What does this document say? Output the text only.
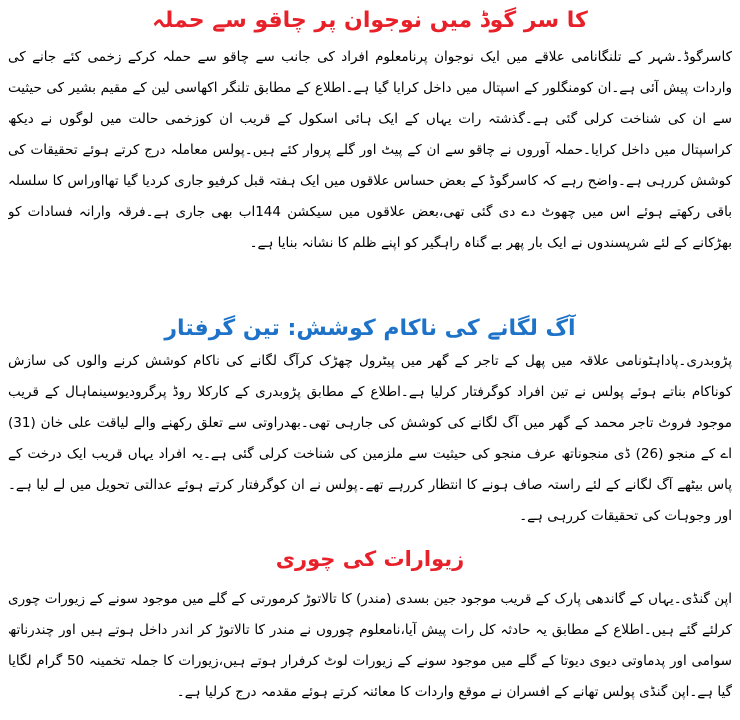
کا سر گوڈ میں نوجوان پر چاقو سے حملہ

کاسرگوڈ۔شہر کے تلنگانامی علاقے میں ایک نوجوان پرنامعلوم افراد کی جانب سے چاقو سے حملہ کرکے زخمی کئے جانے کی واردات پیش آئی ہے۔ان کومنگلور کے اسپتال میں داخل کرایا گیا ہے۔اطلاع کے مطابق تلنگر اکھاسی لین کے مقیم بشیر کی حیثیت سے ان کی شناخت کرلی گئی ہے۔گذشتہ رات یہاں کے ایک ہائی اسکول کے قریب ان کوزخمی حالت میں لوگوں نے دیکھ کراسپتال میں داخل کرایا۔حملہ آوروں نے چاقو سے ان کے پیٹ اور گلے پروار کئے ہیں۔پولس معاملہ درج کرتے ہوئے تحقیقات کی کوشش کررہی ہے۔واضح رہے کہ کاسرگوڈ کے بعض حساس علاقوں میں ایک ہفتہ قبل کرفیو جاری کردیا گیا تھااوراس کا سلسلہ باقی رکھتے ہوئے اس میں چھوٹ دے دی گئی تھی،بعض علاقوں میں سیکشن 144اب بھی جاری ہے۔فرقہ وارانہ فسادات کو بھڑکانے کے لئے شرپسندوں نے ایک بار پھر بے گناہ راہگیر کو اپنے ظلم کا نشانہ بنایا ہے۔

آگ لگانے کی ناکام کوشش: تین گرفتار

پڑوبدری۔پاداہٹونامی علاقہ میں پھل کے تاجر کے گھر میں پیٹرول چھڑک کرآگ لگانے کی ناکام کوشش کرنے والوں کی سازش کوناکام بناتے ہوئے پولس نے تین افراد کوگرفتار کرلیا ہے۔اطلاع کے مطابق پڑوبدری کے کارکلا روڈ پرگرودیوسینماہال کے قریب موجود فروٹ تاجر محمد کے گھر میں آگ لگانے کی کوشش کی جارہی تھی۔بھدراوتی سے تعلق رکھنے والے لیاقت علی خان (31) اے کے منجو (26) ڈی منجوناتھ عرف منجو کی حیثیت سے ملزمین کی شناخت کرلی گئی ہے۔یہ افراد یہاں قریب ایک درخت کے پاس بیٹھے آگ لگانے کے لئے راستہ صاف ہونے کا انتظار کررہے تھے۔پولس نے ان کوگرفتار کرتے ہوئے عدالتی تحویل میں لے لیا ہے۔اور وجوہات کی تحقیقات کررہی ہے۔

زیوارات کی چوری

اپن گنڈی۔یہاں کے گاندھی پارک کے قریب موجود جین بسدی (مندر) کا تالاتوڑ کرمورتی کے گلے میں موجود سونے کے زیورات چوری کرلئے گئے ہیں۔اطلاع کے مطابق یہ حادثہ کل رات پیش آیا،نامعلوم چوروں نے مندر کا تالاتوڑ کر اندر داخل ہوتے ہیں اور چندرناتھ سوامی اور پدماوتی دیوی دیوتا کے گلے میں موجود سونے کے زیورات لوٹ کرفرار ہوتے ہیں،زیورات کا جملہ تخمینہ 50 گرام لگایا گیا ہے۔اپن گنڈی پولس تھانے کے افسران نے موقع واردات کا معائنہ کرتے ہوئے مقدمہ درج کرلیا ہے۔
